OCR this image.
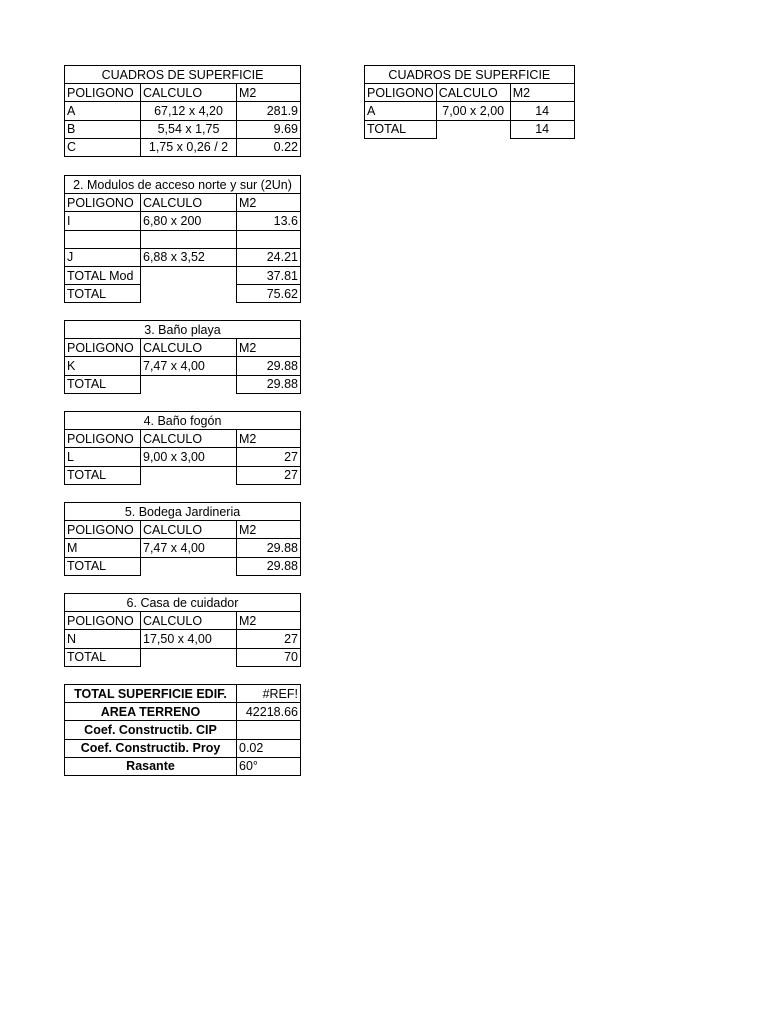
CUADROS DE SUPERFICIE		
POLIGONO	CALCULO	M2
A	67,12 x 4,20	281.9
B	5,54 x 1,75	9.69
C	1,75 x 0,26 / 2	0.22
CUADROS DE SUPERFICIE		
POLIGONO	CALCULO	M2
A	7,00 x 2,00	14
TOTAL		14
2. Modulos de acceso norte y sur (2Un)		
POLIGONO	CALCULO	M2
I	6,80 x 200	13.6

J	6,88 x 3,52	24.21
TOTAL Mod		37.81
TOTAL		75.62
3. Baño playa		
POLIGONO	CALCULO	M2
K	7,47 x 4,00	29.88
TOTAL		29.88
4. Baño fogón		
POLIGONO	CALCULO	M2
L	9,00 x 3,00	27
TOTAL		27
5. Bodega Jardineria		
POLIGONO	CALCULO	M2
M	7,47 x 4,00	29.88
TOTAL		29.88
6. Casa de cuidador		
POLIGONO	CALCULO	M2
N	17,50 x 4,00	27
TOTAL		70
TOTAL SUPERFICIE EDIF.	#REF!
AREA TERRENO	42218.66
Coef. Constructib. CIP	
Coef. Constructib. Proy	0.02
Rasante	60°
